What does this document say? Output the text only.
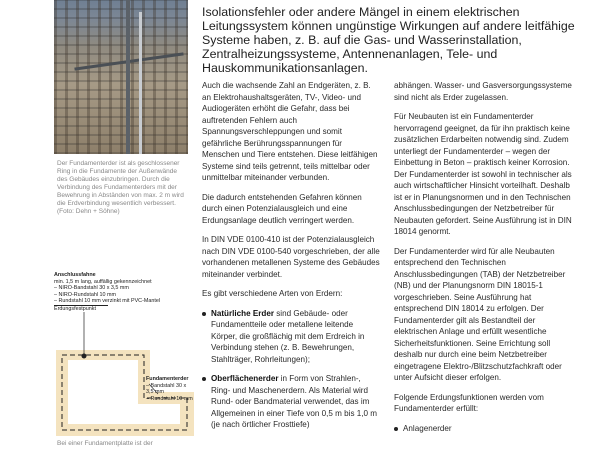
Der Fundamenterder ist als geschlossener Ring in die Fundamente der Außenwände des Gebäudes einzubringen. Durch die Verbindung des Fundamenterders mit der Bewehrung in Abständen von max. 2 m wird die Erdverbindung wesentlich verbessert. (Foto: Dehn + Söhne)
Anschlussfahne
min. 1,5 m lang, auffällig gekennzeichnet
– NIRO-Bandstahl 30 x 3,5 mm
– NIRO-Rundstahl 10 mm
– Rundstahl 10 mm verzinkt mit PVC-Mantel
Erdungsfestpunkt
Fundamenterder
– Bandstahl 30 x 3,5 mm
– Rundstahl 10 mm
Bei einer Fundamentplatte ist der
Isolationsfehler oder andere Mängel in einem elektrischen Leitungssystem können ungünstige Wirkungen auf andere leitfähige Systeme haben, z. B. auf die Gas- und Wasserinstallation, Zentralheizungssysteme, Antennenanlagen, Tele- und Hauskommunikationsanlagen.

Auch die wachsende Zahl an Endgeräten, z. B. an Elektrohaushaltsgeräten, TV-, Video- und Audiogeräten erhöht die Gefahr, dass bei auftretenden Fehlern auch Spannungsverschleppungen und somit gefährliche Berührungsspannungen für Menschen und Tiere entstehen. Diese leitfähigen Systeme sind teils getrennt, teils mittelbar oder unmittelbar miteinander verbunden.

Die dadurch entstehenden Gefahren können durch einen Potenzialausgleich und eine Erdungsanlage deutlich verringert werden.

In DIN VDE 0100-410 ist der Potenzialausgleich nach DIN VDE 0100-540 vorgeschrieben, der alle vorhandenen metallenen Systeme des Gebäudes miteinander verbindet.

Es gibt verschiedene Arten von Erdern:

Natürliche Erder sind Gebäude- oder Fundamentteile oder metallene leitende Körper, die großflächig mit dem Erdreich in Verbindung stehen (z. B. Bewehrungen, Stahlträger, Rohrleitungen);
Oberflächenerder in Form von Strahlen-, Ring- und Maschenerdern. Als Material wird Rund- oder Bandmaterial verwendet, das im Allgemeinen in einer Tiefe von 0,5 m bis 1,0 m (je nach örtlicher Frosttiefe)

abhängen. Wasser- und Gasversorgungssysteme sind nicht als Erder zugelassen.

Für Neubauten ist ein Fundamenterder hervorragend geeignet, da für ihn praktisch keine zusätzlichen Erdarbeiten notwendig sind. Zudem unterliegt der Fundamenterder – wegen der Einbettung in Beton – praktisch keiner Korrosion. Der Fundamenterder ist sowohl in technischer als auch wirtschaftlicher Hinsicht vorteilhaft. Deshalb ist er in Planungsnormen und in den Technischen Anschlussbedingungen der Netzbetreiber für Neubauten gefordert. Seine Ausführung ist in DIN 18014 genormt.

Der Fundamenterder wird für alle Neubauten entsprechend den Technischen Anschlussbedingungen (TAB) der Netzbetreiber (NB) und der Planungsnorm DIN 18015-1 vorgeschrieben. Seine Ausführung hat entsprechend DIN 18014 zu erfolgen. Der Fundamenterder gilt als Bestandteil der elektrischen Anlage und erfüllt wesentliche Sicherheitsfunktionen. Seine Errichtung soll deshalb nur durch eine beim Netzbetreiber eingetragene Elektro-/Blitzschutzfachkraft oder unter Aufsicht dieser erfolgen.

Folgende Erdungsfunktionen werden vom Fundamenterder erfüllt:

Anlagenerder
